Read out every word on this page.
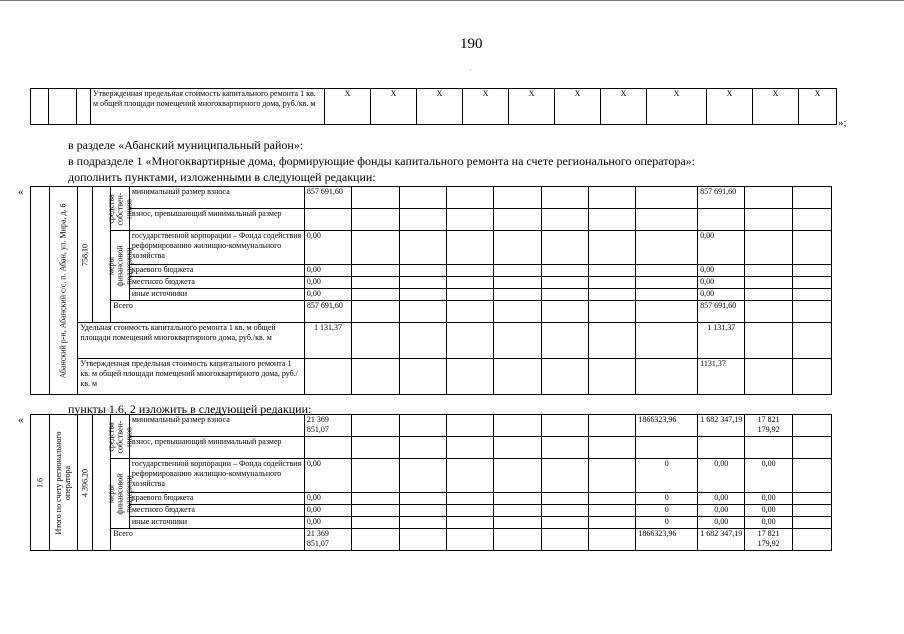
190
·
			Утвержденная предельная стоимость капитального ремонта 1 кв. м общей площади помещений многоквартирного дома, руб./кв. м	Х	Х	Х	Х	Х	Х	Х	Х	Х	Х	Х
»;
в разделе «Абанский муниципальный район»:
в подразделе 1 «Многоквартирные дома, формирующие фонды капитального ремонта на счете регионального оператора»:
дополнить пунктами, изложенными в следующей редакции:
«

	Абанский р-н, Абанский с/с, п. Абан, ул. Мира, д. 6	758,10		средства собствен-ников	минимальный размер взноса	857 691,60								857 691,60		
					взнос, превышающий минимальный размер											

				меры финансовой поддержки	государственной корпорации – Фонда содействия реформированию жилищно-коммунального хозяйства	0,00								0,00		
					краевого бюджета	0,00								0,00		
					местного бюджета	0,00								0,00		
					иные источники	0,00								0,00		
				Всего		857 691,60								857 691,60		
		Удельная стоимость капитального ремонта 1 кв. м общей площади помещений многоквартирного дома, руб./кв. м				1 131,37								1 131,37		
		Утвержденная предельная стоимость капитального ремонта 1 кв. м общей площади помещений многоквартирного дома, руб./кв. м												1131,37		
пункты 1.6, 2 изложить в следующей редакции:
«
1.6	Итого по счету регионального оператора	4 396,20		средства собствен-ников	минимальный размер взноса	21 369 851,07							1866323,96	1 682 347,19	17 821 179,92	
					взнос, превышающий минимальный размер											

				меры финансовой поддержки	государственной корпорации – Фонда содействия реформированию жилищно-коммунального хозяйства	0,00							0	0,00	0,00	
					краевого бюджета	0,00							0	0,00	0,00	
					местного бюджета	0,00							0	0,00	0,00	
					иные источники	0,00							0	0,00	0,00	
				Всего		21 369 851,07							1866323,96	1 682 347,19	17 821 179,92	
